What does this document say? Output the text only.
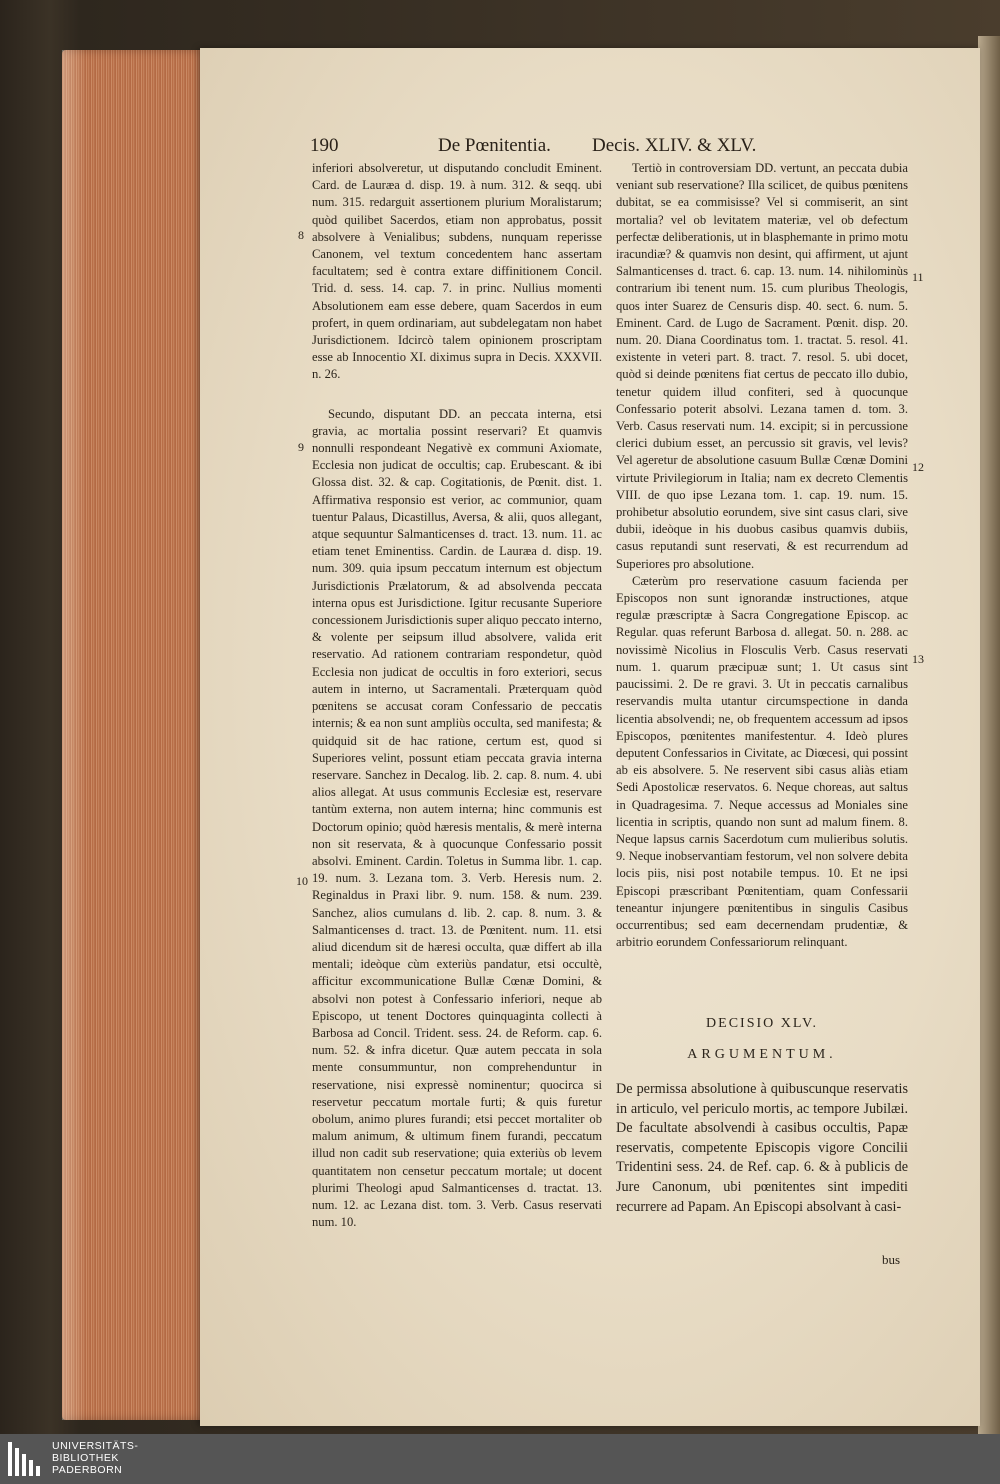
190	De Pœnitentia. Decis. XLIV. & XLV.

inferiori absolveretur, ut disputando concludit Eminent. Card. de Lauræa d. disp. 19. à num. 312. & seqq. ubi num. 315. redarguit assertionem plurium Moralistarum; quòd quilibet Sacerdos, etiam non approbatus, possit absolvere à Venialibus; subdens, nunquam reperisse Canonem, vel textum concedentem hanc assertam facultatem; sed è contra extare diffinitionem Concil. Trid. d. sess. 14. cap. 7. in princ. Nullius momenti Absolutionem eam esse debere, quam Sacerdos in eum profert, in quem ordinariam, aut subdelegatam non habet Jurisdictionem. Idcircò talem opinionem proscriptam esse ab Innocentio XI. diximus supra in Decis. XXXVII. n. 26.

Secundo, disputant DD. an peccata interna, etsi gravia, ac mortalia possint reservari? Et quamvis nonnulli respondeant Negativè ex communi Axiomate, Ecclesia non judicat de occultis; cap. Erubescant. & ibi Glossa dist. 32. & cap. Cogitationis, de Pœnit. dist. 1. Affirmativa responsio est verior, ac communior, quam tuentur Palaus, Dicastillus, Aversa, & alii, quos allegant, atque sequuntur Salmanticenses d. tract. 13. num. 11. ac etiam tenet Eminentiss. Cardin. de Lauræa d. disp. 19. num. 309. quia ipsum peccatum internum est objectum Jurisdictionis Prælatorum, & ad absolvenda peccata interna opus est Jurisdictione. Igitur recusante Superiore concessionem Jurisdictionis super aliquo peccato interno, & volente per seipsum illud absolvere, valida erit reservatio. Ad rationem contrariam respondetur, quòd Ecclesia non judicat de occultis in foro exteriori, secus autem in interno, ut Sacramentali. Præterquam quòd pœnitens se accusat coram Confessario de peccatis internis; & ea non sunt ampliùs occulta, sed manifesta; & quidquid sit de hac ratione, certum est, quod si Superiores velint, possunt etiam peccata gravia interna reservare. Sanchez in Decalog. lib. 2. cap. 8. num. 4. ubi alios allegat. At usus communis Ecclesiæ est, reservare tantùm externa, non autem interna; hinc communis est Doctorum opinio; quòd hæresis mentalis, & merè interna non sit reservata, & à quocunque Confessario possit absolvi. Eminent. Cardin. Toletus in Summa libr. 1. cap. 19. num. 3. Lezana tom. 3. Verb. Heresis num. 2. Reginaldus in Praxi libr. 9. num. 158. & num. 239. Sanchez, alios cumulans d. lib. 2. cap. 8. num. 3. & Salmanticenses d. tract. 13. de Pœnitent. num. 11. etsi aliud dicendum sit de hæresi occulta, quæ differt ab illa mentali; ideòque cùm exteriùs pandatur, etsi occultè, afficitur excommunicatione Bullæ Cœnæ Domini, & absolvi non potest à Confessario inferiori, neque ab Episcopo, ut tenent Doctores quinquaginta collecti à Barbosa ad Concil. Trident. sess. 24. de Reform. cap. 6. num. 52. & infra dicetur. Quæ autem peccata in sola mente consummuntur, non comprehenduntur in reservatione, nisi expressè nominentur; quocirca si reservetur peccatum mortale furti; & quis furetur obolum, animo plures furandi; etsi peccet mortaliter ob malum animum, & ultimum finem furandi, peccatum illud non cadit sub reservatione; quia exteriùs ob levem quantitatem non censetur peccatum mortale; ut docent plurimi Theologi apud Salmanticenses d. tractat. 13. num. 12. ac Lezana dist. tom. 3. Verb. Casus reservati num. 10.

Tertiò in controversiam DD. vertunt, an peccata dubia veniant sub reservatione? Illa scilicet, de quibus pœnitens dubitat, se ea commisisse? Vel si commiserit, an sint mortalia? vel ob levitatem materiæ, vel ob defectum perfectæ deliberationis, ut in blasphemante in primo motu iracundiæ? & quamvis non desint, qui affirment, ut ajunt Salmanticenses d. tract. 6. cap. 13. num. 14. nihilominùs contrarium ibi tenent num. 15. cum pluribus Theologis, quos inter Suarez de Censuris disp. 40. sect. 6. num. 5. Eminent. Card. de Lugo de Sacrament. Pœnit. disp. 20. num. 20. Diana Coordinatus tom. 1. tractat. 5. resol. 41. existente in veteri part. 8. tract. 7. resol. 5. ubi docet, quòd si deinde pœnitens fiat certus de peccato illo dubio, tenetur quidem illud confiteri, sed à quocunque Confessario poterit absolvi. Lezana tamen d. tom. 3. Verb. Casus reservati num. 14. excipit; si in percussione clerici dubium esset, an percussio sit gravis, vel levis? Vel ageretur de absolutione casuum Bullæ Cœnæ Domini virtute Privilegiorum in Italia; nam ex decreto Clementis VIII. de quo ipse Lezana tom. 1. cap. 19. num. 15. prohibetur absolutio eorundem, sive sint casus clari, sive dubii, ideòque in his duobus casibus quamvis dubiis, casus reputandi sunt reservati, & est recurrendum ad Superiores pro absolutione.

Cæterùm pro reservatione casuum facienda per Episcopos non sunt ignorandæ instructiones, atque regulæ præscriptæ à Sacra Congregatione Episcop. ac Regular. quas referunt Barbosa d. allegat. 50. n. 288. ac novissimè Nicolius in Flosculis Verb. Casus reservati num. 1. quarum præcipuæ sunt; 1. Ut casus sint paucissimi. 2. De re gravi. 3. Ut in peccatis carnalibus reservandis multa utantur circumspectione in danda licentia absolvendi; ne, ob frequentem accessum ad ipsos Episcopos, pœnitentes manifestentur. 4. Ideò plures deputent Confessarios in Civitate, ac Diœcesi, qui possint ab eis absolvere. 5. Ne reservent sibi casus aliàs etiam Sedi Apostolicæ reservatos. 6. Neque choreas, aut saltus in Quadragesima. 7. Neque accessus ad Moniales sine licentia in scriptis, quando non sunt ad malum finem. 8. Neque lapsus carnis Sacerdotum cum mulieribus solutis. 9. Neque inobservantiam festorum, vel non solvere debita locis piis, nisi post notabile tempus. 10. Et ne ipsi Episcopi præscribant Pœnitentiam, quam Confessarii teneantur injungere pœnitentibus in singulis Casibus occurrentibus; sed eam decernendam prudentiæ, & arbitrio eorundem Confessariorum relinquant.

8
9
10
11
12
13
DECISIO XLV.
ARGUMENTUM.
De permissa absolutione à quibuscunque reservatis in articulo, vel periculo mortis, ac tempore Jubilæi. De facultate absolvendi à casibus occultis, Papæ reservatis, competente Episcopis vigore Concilii Tridentini sess. 24. de Ref. cap. 6. & à publicis de Jure Canonum, ubi pœnitentes sint impediti recurrere ad Papam. An Episcopi absolvant à casi-
bus
UNIVERSITÄTS-
BIBLIOTHEK
PADERBORN
